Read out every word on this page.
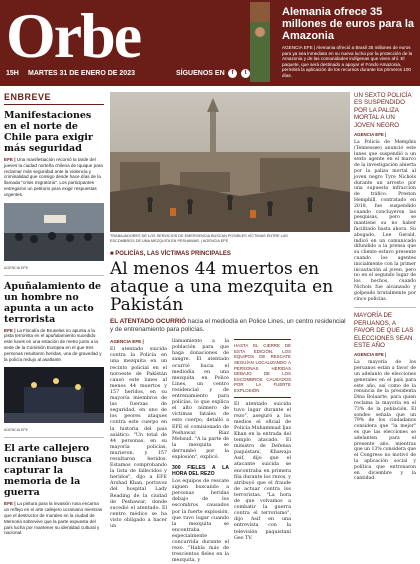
Orbe
15H MARTES 31 DE ENERO DE 2023	SÍGUENOS EN	f	t
Alemania ofrece 35 millones de euros para la Amazonia

AGENCIA EFE | Alemania ofreció a Brasil 35 millones de euros para ya sea inmediato en su nueva lucha por la protección de la Amazonia y de las comunidades indígenas que viven ahí. El paquete, que será destinado a apoyar el Fondo Amazonia, permitirá la aplicación de los recursos durante los primeros 100 días.

ENBREVE
Manifestaciones en el norte de Chile para exigir más seguridad
EFE | Una manifestación recorrió la tarde del jueves la ciudad norteña chilena de Iquique para reclamar más seguridad ante la violencia y criminalidad que consigo desde hace días de la llamada "crisis migratoria". Los participantes entregaron un petitorio para exigir respuestas urgentes.
AGENCIA EFE
Apuñalamiento de un hombre no apunta a un acto terrorista
EFE | La Fiscalía de Bruselas no apunta a la pista terrorista en el apuñalamiento sucedido este lunes en una estación de metro junto a la sede de la Comisión Europea en el que tres personas resultaron heridas, una de gravedad y la policía redujo al asaltante.
AGENCIA EFE
El arte callejero ucraniano busca capturar la memoria de la guerra
EFE | La pintura para la invasión rusa encarna un reflejo en el arte callejero ucraniano mientras que el destructor de murales en la ciudad de Memoria sobrevive que la parte expuesta del país lucha por mantener su identidad cultural y nacional.
TRABAJADORES DE LOS SERVICIOS DE EMERGENCIA BUSCAN POSIBLES VÍCTIMAS ENTRE LAS ESCOMBROS DE UNA MEZQUITA EN PESHAWAR. | AGENCIA EFE
■ POLICÍAS, LAS VÍCTIMAS PRINCIPALES
Al menos 44 muertos en ataque a una mezquita en Pakistán
EL ATENTADO OCURRIÓ hacia el mediodía en Police Lines, un centro residencial y de entrenamiento para policías.
AGENCIA EFE |
El atentado suicida contra la Policía en una mezquita en un recinto policial en el noroeste de Pakistán causó este lunes al menos 44 muertos y 157 heridos, en su mayoría miembros de las fuerzas de seguridad, en uno de los peores ataques contra este cuerpo en la historia del país asiático. "Un total de 44 personas, en su mayoría policías, murieron, y 157 resultaron heridos. Estamos comprobando la lista de fallecidos y heridos", dijo a EFE Arshad Khan, portavoz del hospital Lady Reading de la ciudad de Peshawar, donde sucedió el atentado. El centro médico se ha visto obligado a hacer un
llamamiento a la población para que haga donaciones de sangre. El atentado ocurrió hacia el mediodía en una mezquita en Police Lines, un centro residencial y de entrenamiento para policías, lo que explica el alto número de víctimas fatales de este cuerpo, detalló a EFE el comisionado de Peshawar, Riaz Mehsud. "A la parte de la mezquita se derrumbó por la explosión", explicó.
300 FIELES A LA HORA DEL REZO
Los equipos de rescate siguen buscando a personas heridas debajo de los escombros causados por la fuerte explosión, que tuvo lugar cuando la mezquita se encontraba especialmente concurrida durante el rezo. "Había más de trescientos fieles en la mezquita, y
HASTA EL CIERRE DE ESTA EDICIÓN, LOS EQUIPOS DE RESCATE SEGUÍAN LOCALIZANDO A PERSONAS HERIDAS DEBAJO DE LOS ESCOMBROS CAUSADOS POR LA FUERTE EXPLOSIÓN
El atentado suicida tuvo lugar durante el rezo", aseguró a los medios el oficial de Policía Muhammad Ijaz Khan en la entrada del templo atacado. El ministro de Defensa paquistaní, Khawaja Asif, dijo que el atacante suicida se encontraba en primera fila durante los rezos, y atribuyó que el fraude de actuar contra los terroristas. "La hora de que volvamos a combatir la guerra contra el terrorismo", dijo Asif en una entrevista con la televisión paquistaní Geo TV.
UN SEXTO POLICÍA ES SUSPENDIDO POR LA PALIZA MORTAL A UN JOVEN NEGRO
AGENCIA EFE |
La Policía de Memphis (Tennessee) anunció este lunes que suspendió a un sexto agente en el marco de la investigación abierta por la paliza mortal al joven negro Tyre Nichols durante un arresto por una supuesta infracción de tráfico. Preston Hemphill, contratado en 2018, fue suspendido cuando concluyeron las pesquisas, pero se mantiene su no haber facilitado hasta ahora. Su abogado, Lee Gerald, indicó en un comunicado difundido a la prensa que su cliente estuvo presente cuando los agentes inicialmente con la primer incautación al joven, pero no en el segundo lugar de los hechos, cuando Nichols fue alcanzado y golpeado brutalmente por cinco policías.
MAYORÍA DE PERUANOS, A FAVOR DE QUE LAS ELECCIONES SEAN ESTE AÑO
AGENCIA EFE |
La mayoría de los peruanos están a favor de un adelanto de elecciones generales en el país para este año, así como de la renuncia de la presidenta Dina Boluarte, para quien reclama la mayoría en el 73% de la población. El sondeo señala que un 79% de los ciudadanos considera que "la mejor" es que las elecciones se adelanten para el presente año, mientras que un 13% considera que el Congreso no motivó de la aplicación social y política que entronaron en diciembre y la cantidad.
